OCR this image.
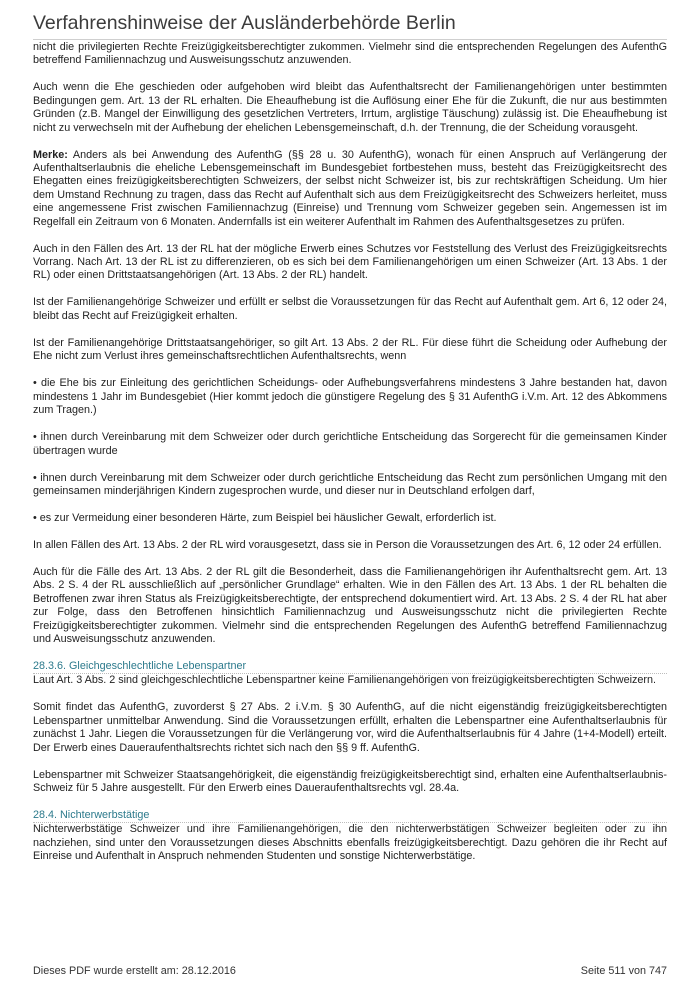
Verfahrenshinweise der Ausländerbehörde Berlin

nicht die privilegierten Rechte Freizügigkeitsberechtigter zukommen. Vielmehr sind die entsprechenden Regelungen des AufenthG betreffend Familiennachzug und Ausweisungsschutz anzuwenden.

Auch wenn die Ehe geschieden oder aufgehoben wird bleibt das Aufenthaltsrecht der Familienangehörigen unter bestimmten Bedingungen gem. Art. 13 der RL erhalten. Die Eheaufhebung ist die Auflösung einer Ehe für die Zukunft, die nur aus bestimmten Gründen (z.B. Mangel der Einwilligung des gesetzlichen Vertreters, Irrtum, arglistige Täuschung) zulässig ist. Die Eheaufhebung ist nicht zu verwechseln mit der Aufhebung der ehelichen Lebensgemeinschaft, d.h. der Trennung, die der Scheidung vorausgeht.

Merke: Anders als bei Anwendung des AufenthG (§§ 28 u. 30 AufenthG), wonach für einen Anspruch auf Verlängerung der Aufenthaltserlaubnis die eheliche Lebensgemeinschaft im Bundesgebiet fortbestehen muss, besteht das Freizügigkeitsrecht des Ehegatten eines freizügigkeitsberechtigten Schweizers, der selbst nicht Schweizer ist, bis zur rechtskräftigen Scheidung. Um hier dem Umstand Rechnung zu tragen, dass das Recht auf Aufenthalt sich aus dem Freizügigkeitsrecht des Schweizers herleitet, muss eine angemessene Frist zwischen Familiennachzug (Einreise) und Trennung vom Schweizer gegeben sein. Angemessen ist im Regelfall ein Zeitraum von 6 Monaten. Andernfalls ist ein weiterer Aufenthalt im Rahmen des Aufenthaltsgesetzes zu prüfen.

Auch in den Fällen des Art. 13 der RL hat der mögliche Erwerb eines Schutzes vor Feststellung des Verlust des Freizügigkeitsrechts Vorrang. Nach Art. 13 der RL ist zu differenzieren, ob es sich bei dem Familienangehörigen um einen Schweizer (Art. 13 Abs. 1 der RL) oder einen Drittstaatsangehörigen (Art. 13 Abs. 2 der RL) handelt.

Ist der Familienangehörige Schweizer und erfüllt er selbst die Voraussetzungen für das Recht auf Aufenthalt gem. Art 6, 12 oder 24, bleibt das Recht auf Freizügigkeit erhalten.

Ist der Familienangehörige Drittstaatsangehöriger, so gilt Art. 13 Abs. 2 der RL. Für diese führt die Scheidung oder Aufhebung der Ehe nicht zum Verlust ihres gemeinschaftsrechtlichen Aufenthaltsrechts, wenn

• die Ehe bis zur Einleitung des gerichtlichen Scheidungs- oder Aufhebungsverfahrens mindestens 3 Jahre bestanden hat, davon mindestens 1 Jahr im Bundesgebiet (Hier kommt jedoch die günstigere Regelung des § 31 AufenthG i.V.m. Art. 12 des Abkommens zum Tragen.)

• ihnen durch Vereinbarung mit dem Schweizer oder durch gerichtliche Entscheidung das Sorgerecht für die gemeinsamen Kinder übertragen wurde

• ihnen durch Vereinbarung mit dem Schweizer oder durch gerichtliche Entscheidung das Recht zum persönlichen Umgang mit den gemeinsamen minderjährigen Kindern zugesprochen wurde, und dieser nur in Deutschland erfolgen darf,

• es zur Vermeidung einer besonderen Härte, zum Beispiel bei häuslicher Gewalt, erforderlich ist.

In allen Fällen des Art. 13 Abs. 2 der RL wird vorausgesetzt, dass sie in Person die Voraussetzungen des Art. 6, 12 oder 24 erfüllen.

Auch für die Fälle des Art. 13 Abs. 2 der RL gilt die Besonderheit, dass die Familienangehörigen ihr Aufenthaltsrecht gem. Art. 13 Abs. 2 S. 4 der RL ausschließlich auf „persönlicher Grundlage“ erhalten. Wie in den Fällen des Art. 13 Abs. 1 der RL behalten die Betroffenen zwar ihren Status als Freizügigkeitsberechtigte, der entsprechend dokumentiert wird. Art. 13 Abs. 2 S. 4 der RL hat aber zur Folge, dass den Betroffenen hinsichtlich Familiennachzug und Ausweisungsschutz nicht die privilegierten Rechte Freizügigkeitsberechtigter zukommen. Vielmehr sind die entsprechenden Regelungen des AufenthG betreffend Familiennachzug und Ausweisungsschutz anzuwenden.

28.3.6. Gleichgeschlechtliche Lebenspartner

Laut Art. 3 Abs. 2 sind gleichgeschlechtliche Lebenspartner keine Familienangehörigen von freizügigkeitsberechtigten Schweizern.

Somit findet das AufenthG, zuvorderst § 27 Abs. 2 i.V.m. § 30 AufenthG, auf die nicht eigenständig freizügigkeitsberechtigten Lebenspartner unmittelbar Anwendung. Sind die Voraussetzungen erfüllt, erhalten die Lebenspartner eine Aufenthaltserlaubnis für zunächst 1 Jahr. Liegen die Voraussetzungen für die Verlängerung vor, wird die Aufenthaltserlaubnis für 4 Jahre (1+4-Modell) erteilt. Der Erwerb eines Daueraufenthaltsrechts richtet sich nach den §§ 9 ff. AufenthG.

Lebenspartner mit Schweizer Staatsangehörigkeit, die eigenständig freizügigkeitsberechtigt sind, erhalten eine Aufenthaltserlaubnis-Schweiz für 5 Jahre ausgestellt. Für den Erwerb eines Daueraufenthaltsrechts vgl. 28.4a.

28.4. Nichterwerbstätige

Nichterwerbstätige Schweizer und ihre Familienangehörigen, die den nichterwerbstätigen Schweizer begleiten oder zu ihn nachziehen, sind unter den Voraussetzungen dieses Abschnitts ebenfalls freizügigkeitsberechtigt. Dazu gehören die ihr Recht auf Einreise und Aufenthalt in Anspruch nehmenden Studenten und sonstige Nichterwerbstätige.

Dieses PDF wurde erstellt am: 28.12.2016	Seite 511 von 747
